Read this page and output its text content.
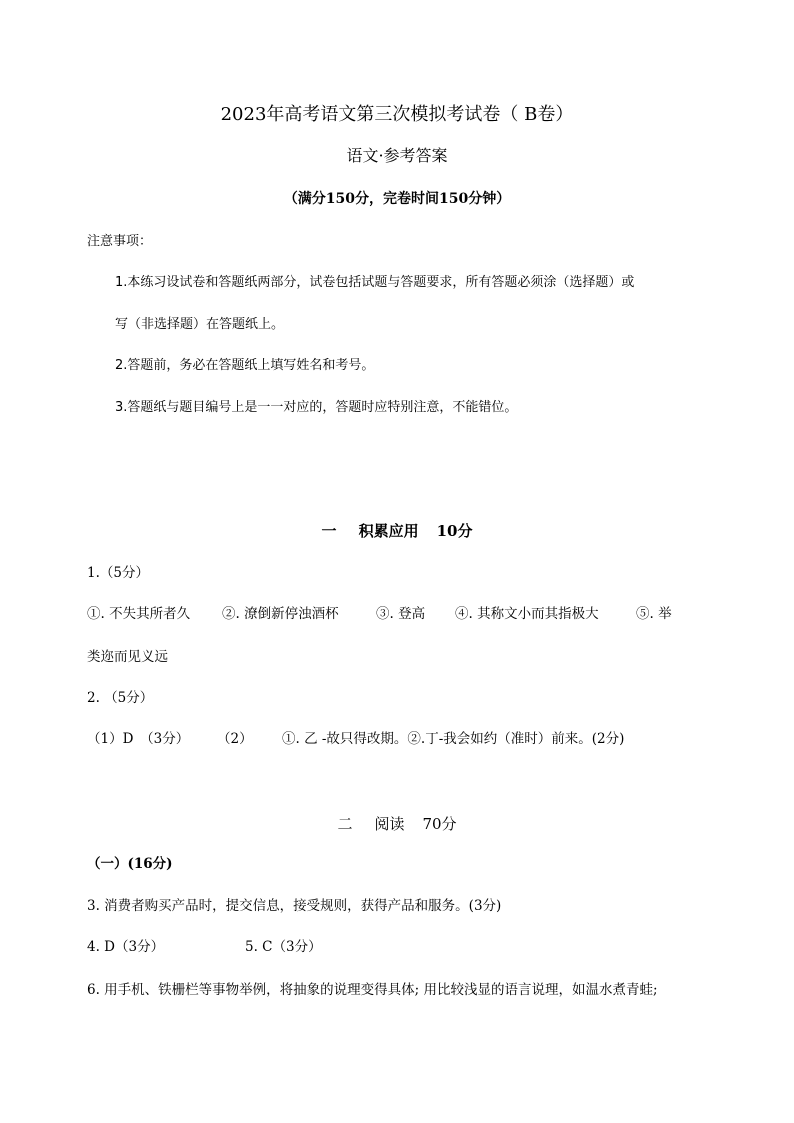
2023年高考语文第三次模拟考试卷（ B卷）
语文·参考答案
（满分150分，完卷时间150分钟）
注意事项：
1.本练习设试卷和答题纸两部分，试卷包括试题与答题要求，所有答题必须涂（选择题）或
写（非选择题）在答题纸上。
2.答题前，务必在答题纸上填写姓名和考号。
3.答题纸与题目编号上是一一对应的，答题时应特别注意，不能错位。
一 积累应用 10分
1.（5分）
①. 不失其所者久 ②. 潦倒新停浊酒杯	③. 登高 ④. 其称文小而其指极大	⑤. 举
类迩而见义远
2. （5分）
（1）D　（3分） （2） ①. 乙 -故只得改期。②.丁-我会如约（准时）前来。(2分)
二 阅读 70分
（一）(16分)
3. 消费者购买产品时，提交信息，接受规则，获得产品和服务。(3分)
4. D（3分）	5. C（3分）
6. 用手机、铁栅栏等事物举例，将抽象的说理变得具体; 用比较浅显的语言说理，如温水煮青蛙;
